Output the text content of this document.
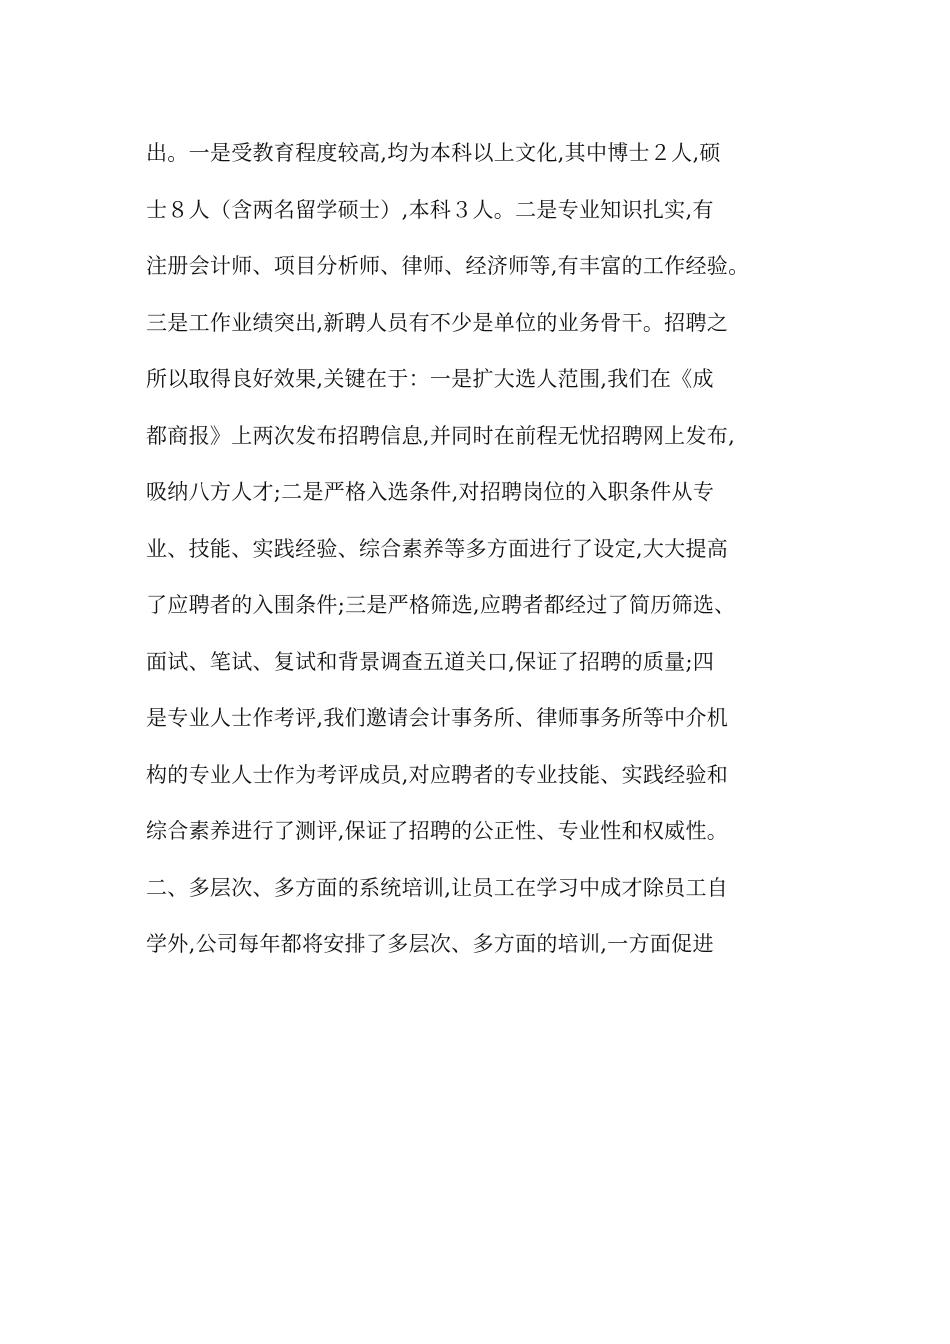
出。一是受教育程度较高,均为本科以上文化,其中博士２人,硕
士８人（含两名留学硕士）,本科３人。二是专业知识扎实,有
注册会计师、项目分析师、律师、经济师等,有丰富的工作经验。
三是工作业绩突出,新聘人员有不少是单位的业务骨干。招聘之
所以取得良好效果,关键在于：一是扩大选人范围,我们在《成
都商报》上两次发布招聘信息,并同时在前程无忧招聘网上发布,
吸纳八方人才;二是严格入选条件,对招聘岗位的入职条件从专
业、技能、实践经验、综合素养等多方面进行了设定,大大提高
了应聘者的入围条件;三是严格筛选,应聘者都经过了简历筛选、
面试、笔试、复试和背景调查五道关口,保证了招聘的质量;四
是专业人士作考评,我们邀请会计事务所、律师事务所等中介机
构的专业人士作为考评成员,对应聘者的专业技能、实践经验和
综合素养进行了测评,保证了招聘的公正性、专业性和权威性。
二、多层次、多方面的系统培训,让员工在学习中成才除员工自
学外,公司每年都将安排了多层次、多方面的培训,一方面促进
